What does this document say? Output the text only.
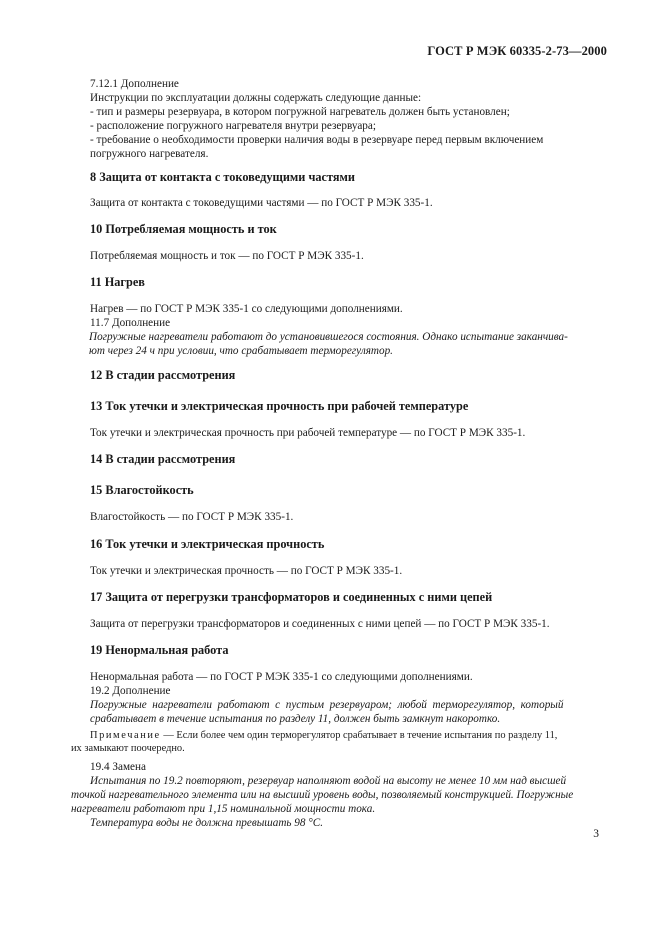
ГОСТ Р МЭК 60335-2-73—2000

7.12.1 Дополнение

Инструкции по эксплуатации должны содержать следующие данные:

- тип и размеры резервуара, в котором погружной нагреватель должен быть установлен;

- расположение погружного нагревателя внутри резервуара;

- требование о необходимости проверки наличия воды в резервуаре перед первым включением

погружного нагревателя.

8 Защита от контакта с токоведущими частями

Защита от контакта с токоведущими частями — по ГОСТ Р МЭК 335-1.

10 Потребляемая мощность и ток

Потребляемая мощность и ток — по ГОСТ Р МЭК 335-1.

11 Нагрев

Нагрев — по ГОСТ Р МЭК 335-1 со следующими дополнениями.

11.7 Дополнение

Погружные нагреватели работают до установившегося состояния. Однако испытание заканчива-

ют через 24 ч при условии, что срабатывает терморегулятор.

12 В стадии рассмотрения
13 Ток утечки и электрическая прочность при рабочей температуре

Ток утечки и электрическая прочность при рабочей температуре — по ГОСТ Р МЭК 335-1.

14 В стадии рассмотрения
15 Влагостойкость

Влагостойкость — по ГОСТ Р МЭК 335-1.

16 Ток утечки и электрическая прочность

Ток утечки и электрическая прочность — по ГОСТ Р МЭК 335-1.

17 Защита от перегрузки трансформаторов и соединенных с ними цепей

Защита от перегрузки трансформаторов и соединенных с ними цепей — по ГОСТ Р МЭК 335-1.

19 Ненормальная работа

Ненормальная работа — по ГОСТ Р МЭК 335-1 со следующими дополнениями.

19.2 Дополнение

Погружные  нагреватели  работают  с  пустым  резервуаром;  любой  терморегулятор,  который

срабатывает в течение испытания по разделу 11, должен быть замкнут накоротко.

Примечание — Если более чем один терморегулятор срабатывает в течение испытания по разделу 11,

их замыкают поочередно.

19.4 Замена

Испытания по 19.2 повторяют, резервуар наполняют водой на высоту не менее 10 мм над высшей

точкой нагревательного элемента или на высший уровень воды, позволяемый конструкцией. Погружные

нагреватели работают при 1,15 номинальной мощности тока.

Температура воды не должна превышать 98 °С.

3
